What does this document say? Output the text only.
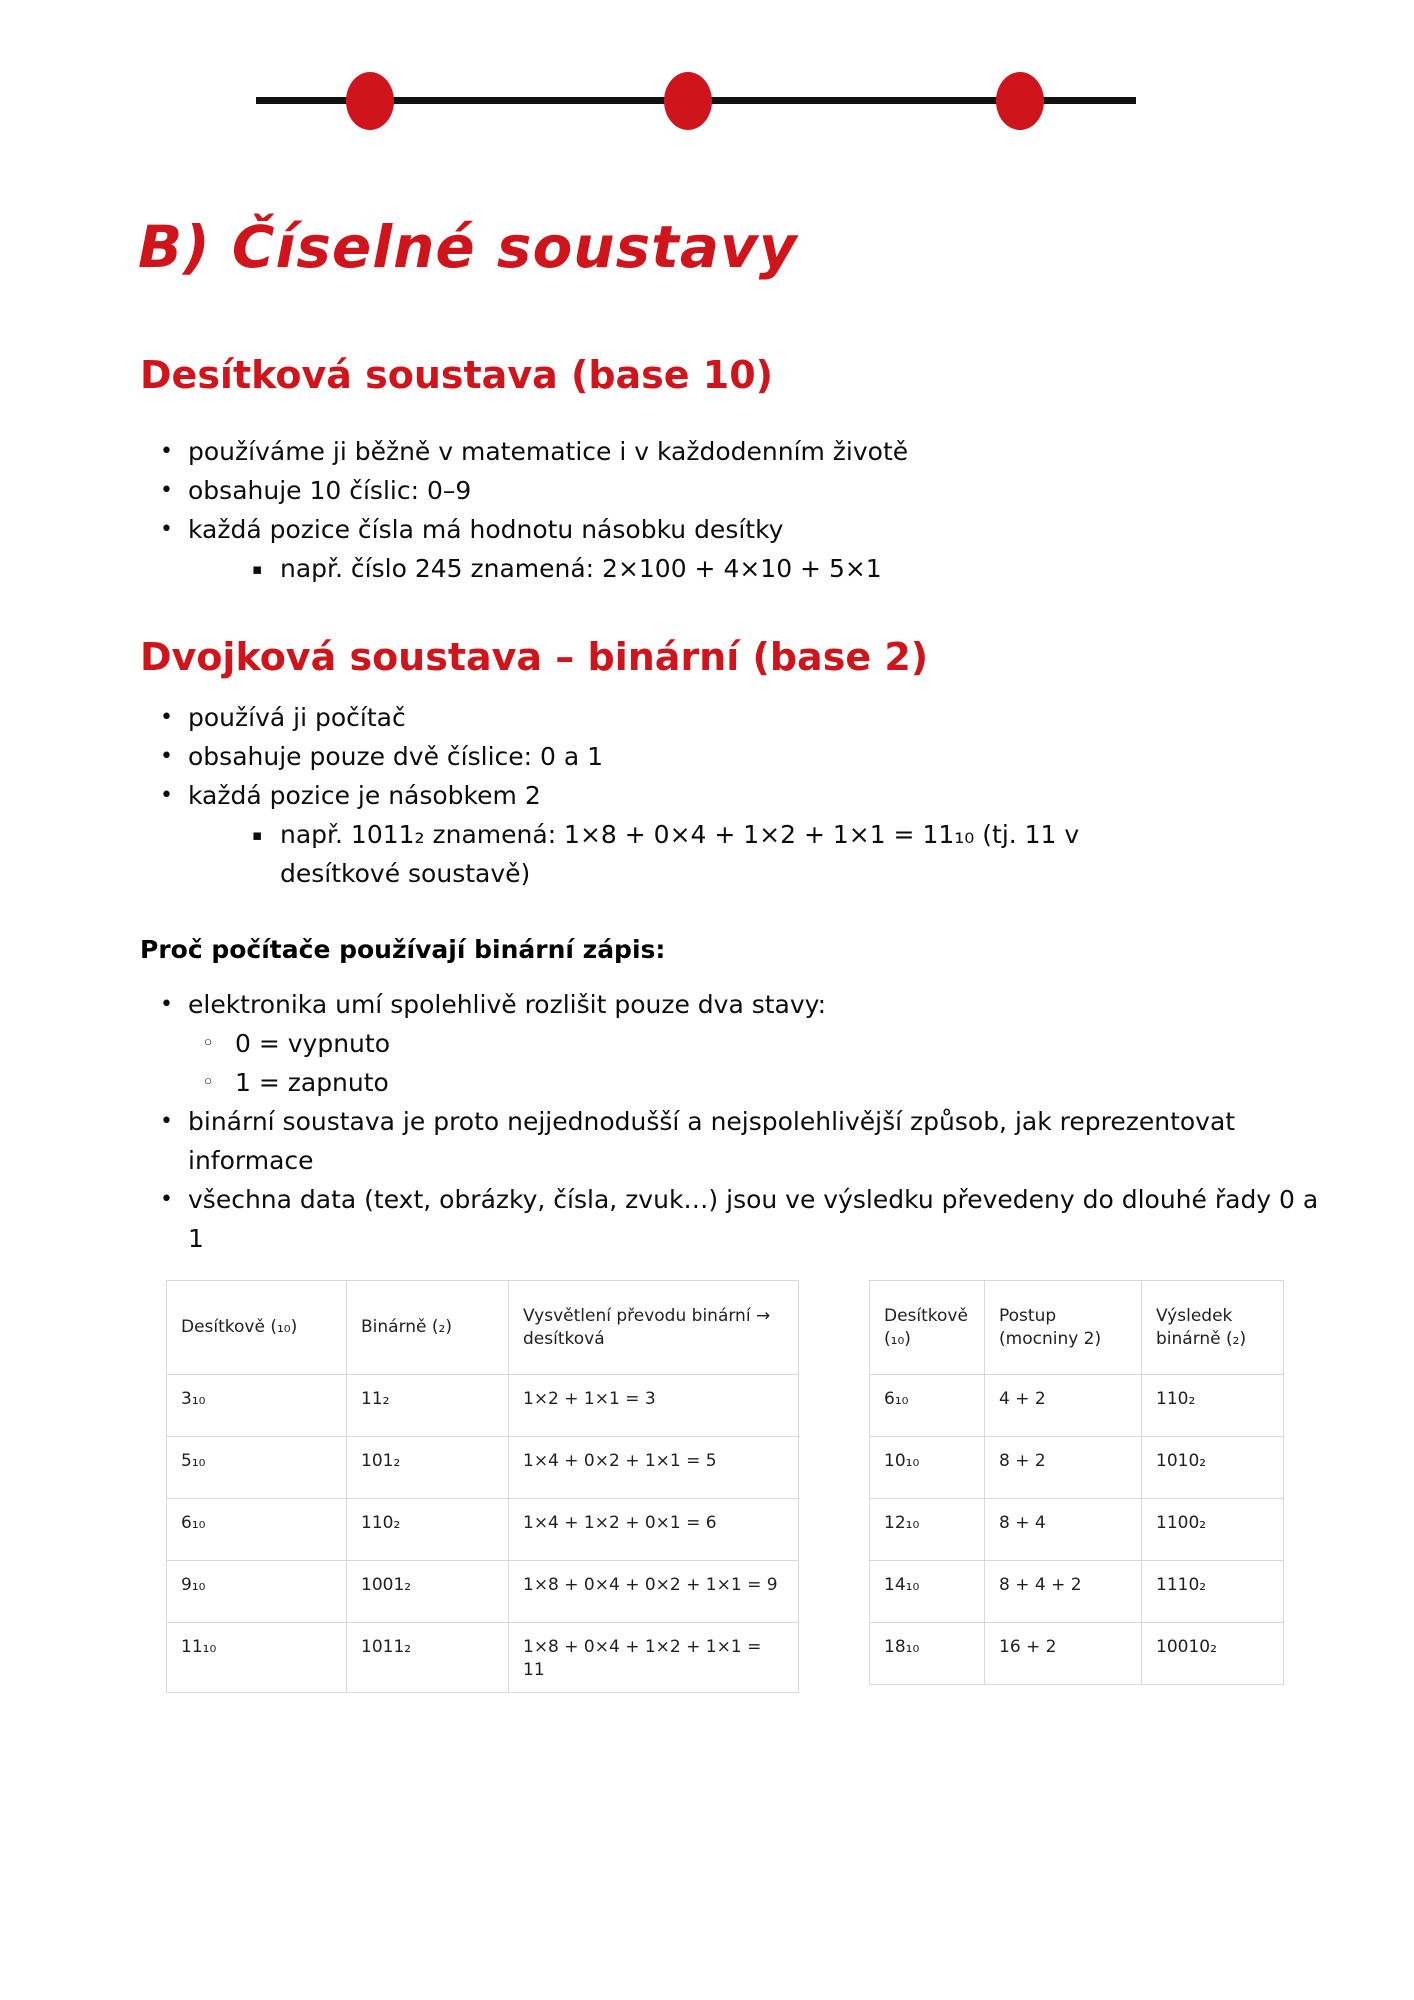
B) Číselné soustavy
Desítková soustava (base 10)
• používáme ji běžně v matematice i v každodenním životě
• obsahuje 10 číslic: 0–9
• každá pozice čísla má hodnotu násobku desítky
▪ např. číslo 245 znamená: 2×100 + 4×10 + 5×1
Dvojková soustava – binární (base 2)
• používá ji počítač
• obsahuje pouze dvě číslice: 0 a 1
• každá pozice je násobkem 2
▪ např. 1011₂ znamená: 1×8 + 0×4 + 1×2 + 1×1 = 11₁₀ (tj. 11 v desítkové soustavě)
Proč počítače používají binární zápis:
• elektronika umí spolehlivě rozlišit pouze dva stavy:
◦ 0 = vypnuto
◦ 1 = zapnuto
• binární soustava je proto nejjednodušší a nejspolehlivější způsob, jak reprezentovat informace
• všechna data (text, obrázky, čísla, zvuk…) jsou ve výsledku převedeny do dlouhé řady 0 a 1
Desítkově (₁₀)	Binárně (₂)	Vysvětlení převodu binární → desítková
3₁₀	11₂	1×2 + 1×1 = 3
5₁₀	101₂	1×4 + 0×2 + 1×1 = 5
6₁₀	110₂	1×4 + 1×2 + 0×1 = 6
9₁₀	1001₂	1×8 + 0×4 + 0×2 + 1×1 = 9
11₁₀	1011₂	1×8 + 0×4 + 1×2 + 1×1 = 11
Desítkově (₁₀)	Postup (mocniny 2)	Výsledek binárně (₂)
6₁₀	4 + 2	110₂
10₁₀	8 + 2	1010₂
12₁₀	8 + 4	1100₂
14₁₀	8 + 4 + 2	1110₂
18₁₀	16 + 2	10010₂
